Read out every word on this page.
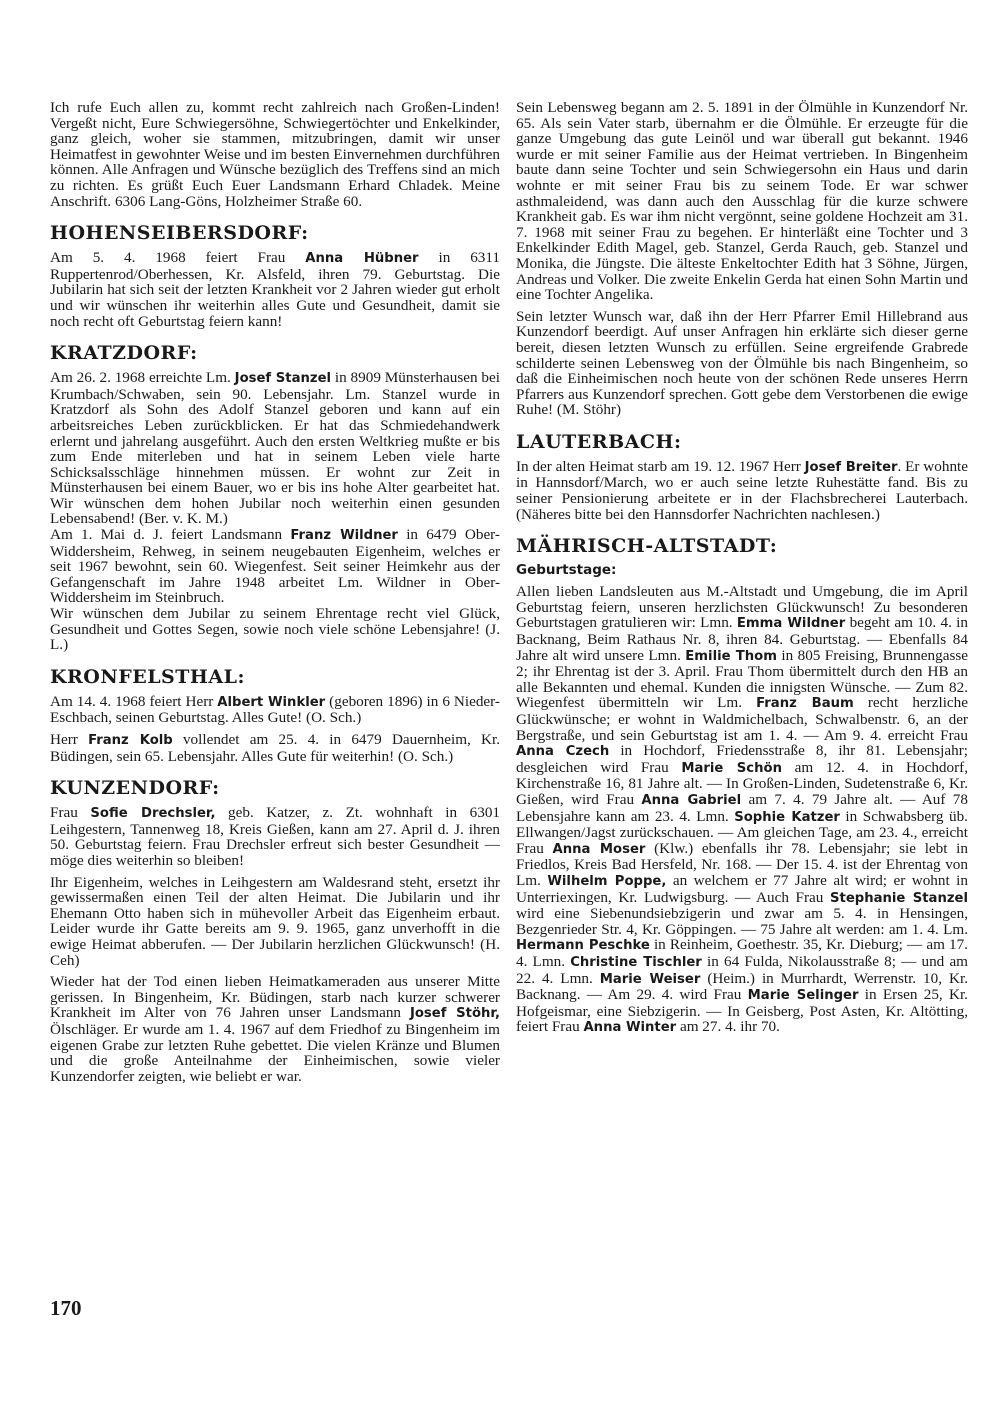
Ich rufe Euch allen zu, kommt recht zahlreich nach Großen-Linden! Vergeßt nicht, Eure Schwiegersöhne, Schwiegertöchter und Enkelkinder, ganz gleich, woher sie stammen, mitzubringen, damit wir unser Heimatfest in gewohnter Weise und im besten Einvernehmen durchführen können. Alle Anfragen und Wünsche bezüglich des Treffens sind an mich zu richten. Es grüßt Euch Euer Landsmann Erhard Chladek. Meine Anschrift. 6306 Lang-Göns, Holzheimer Straße 60.

HOHENSEIBERSDORF:

Am 5. 4. 1968 feiert Frau Anna Hübner in 6311 Ruppertenrod/Oberhessen, Kr. Alsfeld, ihren 79. Geburtstag. Die Jubilarin hat sich seit der letzten Krankheit vor 2 Jahren wieder gut erholt und wir wünschen ihr weiterhin alles Gute und Gesundheit, damit sie noch recht oft Geburtstag feiern kann!

KRATZDORF:

Am 26. 2. 1968 erreichte Lm. Josef Stanzel in 8909 Münsterhausen bei Krumbach/Schwaben, sein 90. Lebensjahr. Lm. Stanzel wurde in Kratzdorf als Sohn des Adolf Stanzel geboren und kann auf ein arbeitsreiches Leben zurückblicken. Er hat das Schmiedehandwerk erlernt und jahrelang ausgeführt. Auch den ersten Weltkrieg mußte er bis zum Ende miterleben und hat in seinem Leben viele harte Schicksalsschläge hinnehmen müssen. Er wohnt zur Zeit in Münsterhausen bei einem Bauer, wo er bis ins hohe Alter gearbeitet hat. Wir wünschen dem hohen Jubilar noch weiterhin einen gesunden Lebensabend! (Ber. v. K. M.)

Am 1. Mai d. J. feiert Landsmann Franz Wildner in 6479 Ober-Widdersheim, Rehweg, in seinem neugebauten Eigenheim, welches er seit 1967 bewohnt, sein 60. Wiegenfest. Seit seiner Heimkehr aus der Gefangenschaft im Jahre 1948 arbeitet Lm. Wildner in Ober-Widdersheim im Steinbruch.

Wir wünschen dem Jubilar zu seinem Ehrentage recht viel Glück, Gesundheit und Gottes Segen, sowie noch viele schöne Lebensjahre! (J. L.)

KRONFELSTHAL:

Am 14. 4. 1968 feiert Herr Albert Winkler (geboren 1896) in 6 Nieder-Eschbach, seinen Geburtstag. Alles Gute! (O. Sch.)

Herr Franz Kolb vollendet am 25. 4. in 6479 Dauernheim, Kr. Büdingen, sein 65. Lebensjahr. Alles Gute für weiterhin! (O. Sch.)

KUNZENDORF:

Frau Sofie Drechsler, geb. Katzer, z. Zt. wohnhaft in 6301 Leihgestern, Tannenweg 18, Kreis Gießen, kann am 27. April d. J. ihren 50. Geburtstag feiern. Frau Drechsler erfreut sich bester Gesundheit — möge dies weiterhin so bleiben!

Ihr Eigenheim, welches in Leihgestern am Waldesrand steht, ersetzt ihr gewissermaßen einen Teil der alten Heimat. Die Jubilarin und ihr Ehemann Otto haben sich in mühevoller Arbeit das Eigenheim erbaut. Leider wurde ihr Gatte bereits am 9. 9. 1965, ganz unverhofft in die ewige Heimat abberufen. — Der Jubilarin herzlichen Glückwunsch! (H. Ceh)

Wieder hat der Tod einen lieben Heimatkameraden aus unserer Mitte gerissen. In Bingenheim, Kr. Büdingen, starb nach kurzer schwerer Krankheit im Alter von 76 Jahren unser Landsmann Josef Stöhr, Ölschläger. Er wurde am 1. 4. 1967 auf dem Friedhof zu Bingenheim im eigenen Grabe zur letzten Ruhe gebettet. Die vielen Kränze und Blumen und die große Anteilnahme der Einheimischen, sowie vieler Kunzendorfer zeigten, wie beliebt er war.

Sein Lebensweg begann am 2. 5. 1891 in der Ölmühle in Kunzendorf Nr. 65. Als sein Vater starb, übernahm er die Ölmühle. Er erzeugte für die ganze Umgebung das gute Leinöl und war überall gut bekannt. 1946 wurde er mit seiner Familie aus der Heimat vertrieben. In Bingenheim baute dann seine Tochter und sein Schwiegersohn ein Haus und darin wohnte er mit seiner Frau bis zu seinem Tode. Er war schwer asthmaleidend, was dann auch den Ausschlag für die kurze schwere Krankheit gab. Es war ihm nicht vergönnt, seine goldene Hochzeit am 31. 7. 1968 mit seiner Frau zu begehen. Er hinterläßt eine Tochter und 3 Enkelkinder Edith Magel, geb. Stanzel, Gerda Rauch, geb. Stanzel und Monika, die Jüngste. Die älteste Enkeltochter Edith hat 3 Söhne, Jürgen, Andreas und Volker. Die zweite Enkelin Gerda hat einen Sohn Martin und eine Tochter Angelika.

Sein letzter Wunsch war, daß ihn der Herr Pfarrer Emil Hillebrand aus Kunzendorf beerdigt. Auf unser Anfragen hin erklärte sich dieser gerne bereit, diesen letzten Wunsch zu erfüllen. Seine ergreifende Grabrede schilderte seinen Lebensweg von der Ölmühle bis nach Bingenheim, so daß die Einheimischen noch heute von der schönen Rede unseres Herrn Pfarrers aus Kunzendorf sprechen. Gott gebe dem Verstorbenen die ewige Ruhe! (M. Stöhr)

LAUTERBACH:

In der alten Heimat starb am 19. 12. 1967 Herr Josef Breiter. Er wohnte in Hannsdorf/March, wo er auch seine letzte Ruhestätte fand. Bis zu seiner Pensionierung arbeitete er in der Flachsbrecherei Lauterbach. (Näheres bitte bei den Hannsdorfer Nachrichten nachlesen.)

MÄHRISCH-ALTSTADT:
Geburtstage:

Allen lieben Landsleuten aus M.-Altstadt und Umgebung, die im April Geburtstag feiern, unseren herzlichsten Glückwunsch! Zu besonderen Geburtstagen gratulieren wir: Lmn. Emma Wildner begeht am 10. 4. in Backnang, Beim Rathaus Nr. 8, ihren 84. Geburtstag. — Ebenfalls 84 Jahre alt wird unsere Lmn. Emilie Thom in 805 Freising, Brunnengasse 2; ihr Ehrentag ist der 3. April. Frau Thom übermittelt durch den HB an alle Bekannten und ehemal. Kunden die innigsten Wünsche. — Zum 82. Wiegenfest übermitteln wir Lm. Franz Baum recht herzliche Glückwünsche; er wohnt in Waldmichelbach, Schwalbenstr. 6, an der Bergstraße, und sein Geburtstag ist am 1. 4. — Am 9. 4. erreicht Frau Anna Czech in Hochdorf, Friedensstraße 8, ihr 81. Lebensjahr; desgleichen wird Frau Marie Schön am 12. 4. in Hochdorf, Kirchenstraße 16, 81 Jahre alt. — In Großen-Linden, Sudetenstraße 6, Kr. Gießen, wird Frau Anna Gabriel am 7. 4. 79 Jahre alt. — Auf 78 Lebensjahre kann am 23. 4. Lmn. Sophie Katzer in Schwabsberg üb. Ellwangen/Jagst zurückschauen. — Am gleichen Tage, am 23. 4., erreicht Frau Anna Moser (Klw.) ebenfalls ihr 78. Lebensjahr; sie lebt in Friedlos, Kreis Bad Hersfeld, Nr. 168. — Der 15. 4. ist der Ehrentag von Lm. Wilhelm Poppe, an welchem er 77 Jahre alt wird; er wohnt in Unterriexingen, Kr. Ludwigsburg. — Auch Frau Stephanie Stanzel wird eine Siebenundsiebzigerin und zwar am 5. 4. in Hensingen, Bezgenrieder Str. 4, Kr. Göppingen. — 75 Jahre alt werden: am 1. 4. Lm. Hermann Peschke in Reinheim, Goethestr. 35, Kr. Dieburg; — am 17. 4. Lmn. Christine Tischler in 64 Fulda, Nikolausstraße 8; — und am 22. 4. Lmn. Marie Weiser (Heim.) in Murrhardt, Werrenstr. 10, Kr. Backnang. — Am 29. 4. wird Frau Marie Selinger in Ersen 25, Kr. Hofgeismar, eine Siebzigerin. — In Geisberg, Post Asten, Kr. Altötting, feiert Frau Anna Winter am 27. 4. ihr 70.

170
